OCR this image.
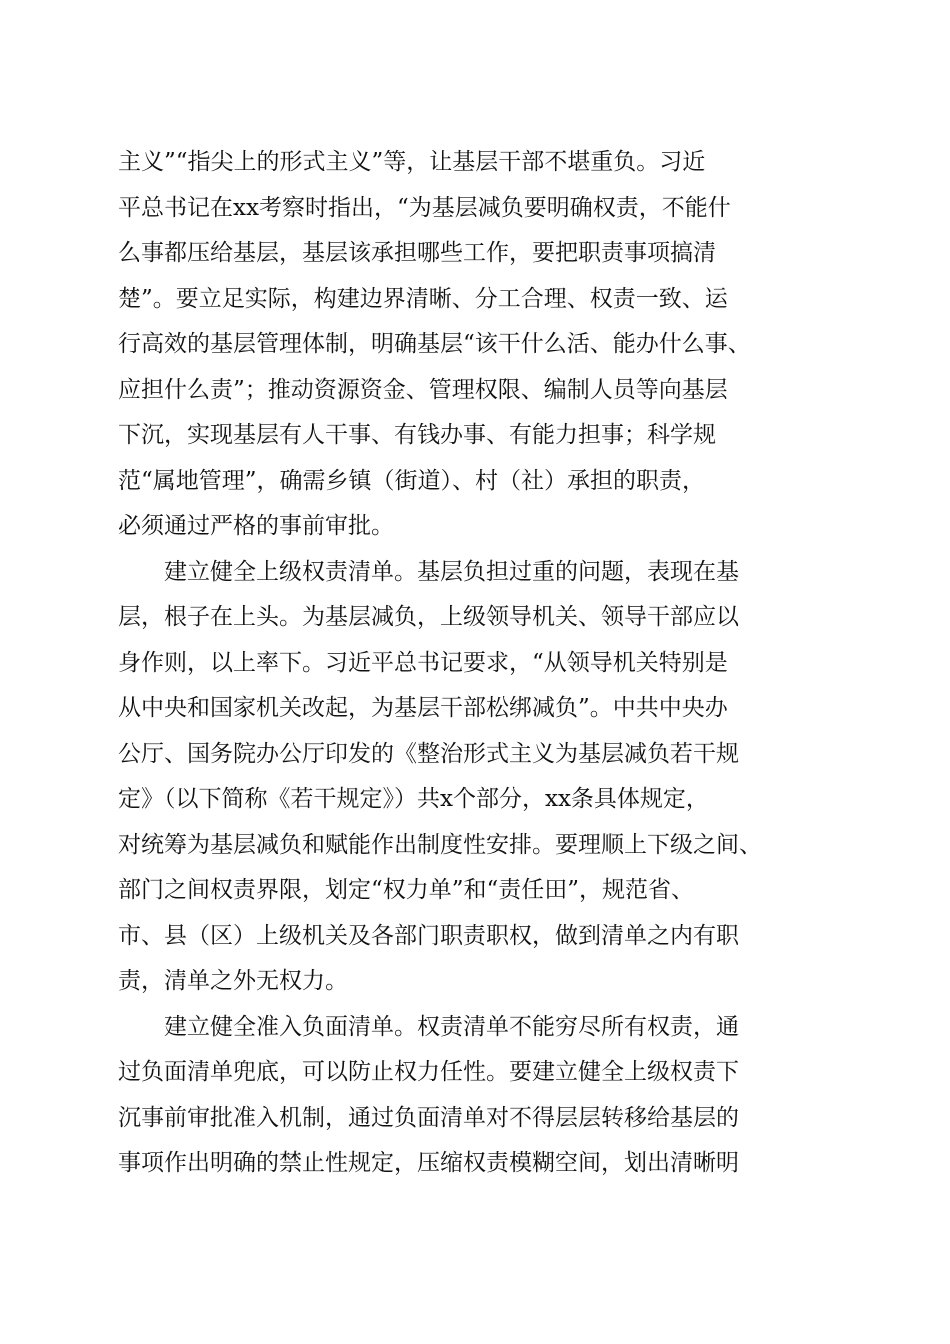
主义”“指尖上的形式主义”等，让基层干部不堪重负。习近
平总书记在xx考察时指出，“为基层减负要明确权责，不能什
么事都压给基层，基层该承担哪些工作，要把职责事项搞清
楚”。要立足实际，构建边界清晰、分工合理、权责一致、运
行高效的基层管理体制，明确基层“该干什么活、能办什么事、
应担什么责”；推动资源资金、管理权限、编制人员等向基层
下沉，实现基层有人干事、有钱办事、有能力担事；科学规
范“属地管理”，确需乡镇（街道）、村（社）承担的职责，
必须通过严格的事前审批。
建立健全上级权责清单。基层负担过重的问题，表现在基
层，根子在上头。为基层减负，上级领导机关、领导干部应以
身作则，以上率下。习近平总书记要求，“从领导机关特别是
从中央和国家机关改起，为基层干部松绑减负”。中共中央办
公厅、国务院办公厅印发的《整治形式主义为基层减负若干规
定》（以下简称《若干规定》）共x个部分，xx条具体规定，
对统筹为基层减负和赋能作出制度性安排。要理顺上下级之间、
部门之间权责界限，划定“权力单”和“责任田”，规范省、
市、县（区）上级机关及各部门职责职权，做到清单之内有职
责，清单之外无权力。
建立健全准入负面清单。权责清单不能穷尽所有权责，通
过负面清单兜底，可以防止权力任性。要建立健全上级权责下
沉事前审批准入机制，通过负面清单对不得层层转移给基层的
事项作出明确的禁止性规定，压缩权责模糊空间，划出清晰明
